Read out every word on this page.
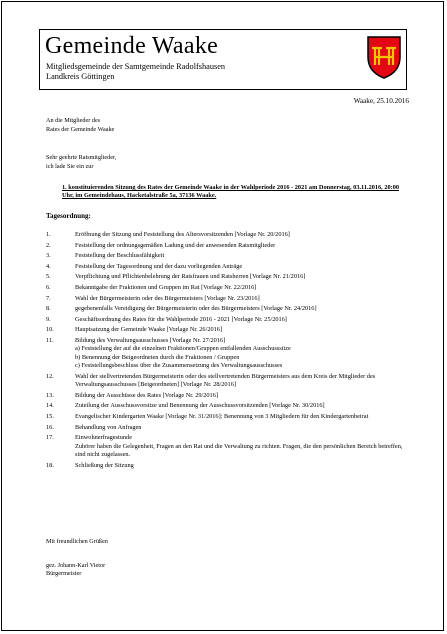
Gemeinde Waake
Mitgliedsgemeinde der Samtgemeinde Radolfshausen
Landkreis Göttingen
Waake, 25.10.2016
An die Mitglieder des
Rates der Gemeinde Waake
Sehr geehrte Ratsmitglieder,
ich lade Sie ein zur
1. konstituierenden Sitzung des Rates der Gemeinde Waake in der Wahlperiode 2016 - 2021 am Donnerstag, 03.11.2016, 20:00 Uhr, im Gemeindehaus, Hacketalstraße 5a, 37136 Waake.
Tagesordnung:
1.	Eröffnung der Sitzung und Feststellung des Altersvorsitzenden [Vorlage Nr. 20/2016]
2.	Feststellung der ordnungsgemäßen Ladung und der anwesenden Ratsmitglieder
3.	Feststellung der Beschlussfähigkeit
4.	Feststellung der Tagesordnung und der dazu vorliegenden Anträge
5.	Verpflichtung und Pflichtenbelehrung der Ratsfrauen und Ratsherren [Vorlage Nr. 21/2016]
6.	Bekanntgabe der Fraktionen und Gruppen im Rat [Vorlage Nr. 22/2016]
7.	Wahl der Bürgermeisterin oder des Bürgermeisters [Vorlage Nr. 23/2016]
8.	gegebenenfalls Vereidigung der Bürgermeisterin oder des Bürgermeisters [Vorlage Nr. 24/2016]
9.	Geschäftsordnung des Rates für die Wahlperiode 2016 - 2021 [Vorlage Nr. 25/2016]
10.	Hauptsatzung der Gemeinde Waake [Vorlage Nr. 26/2016]
11.	Bildung des Verwaltungsausschusses [Vorlage Nr. 27/2016]
a) Feststellung der auf die einzelnen Fraktionen/Gruppen entfallenden Ausschusssitze
b) Benennung der Beigeordneten durch die Fraktionen / Gruppen
c) Feststellungsbeschluss über die Zusammensetzung des Verwaltungsausschusses
12.	Wahl der stellvertretenden Bürgermeisterin oder des stellvertretenden Bürgermeisters aus dem Kreis der Mitglieder des Verwaltungsausschusses [Beigeordneten] [Vorlage Nr. 28/2016]
13.	Bildung der Ausschüsse des Rates [Vorlage Nr. 29/2016]
14.	Zuteilung der Ausschussvorsitze und Benennung der Ausschussvorsitzenden [Vorlage Nr. 30/2016]
15.	Evangelischer Kindergarten Waake [Vorlage Nr. 31/2016]: Benennung von 3 Mitgliedern für den Kindergartenbeirat
16.	Behandlung von Anfragen
17.	Einwohnerfragestunde
Zuhörer haben die Gelegenheit, Fragen an den Rat und die Verwaltung zu richten. Fragen, die den persönlichen Bereich betreffen, sind nicht zugelassen.
18.	Schließung der Sitzung
Mit freundlichen Grüßen
gez. Johann-Karl Vietor
Bürgermeister
